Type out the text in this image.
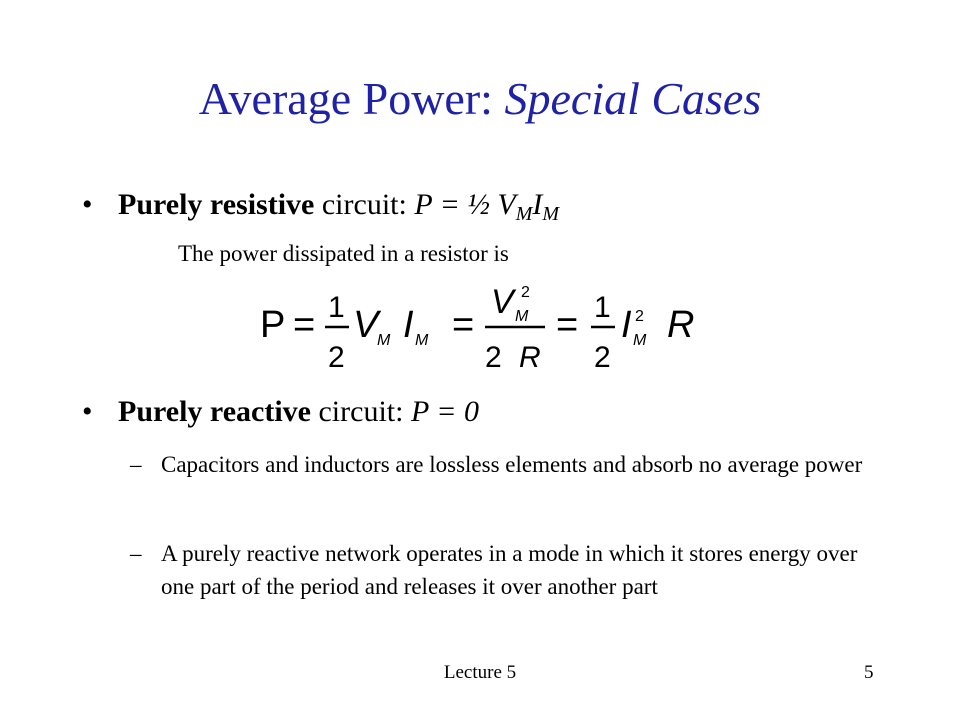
Average Power: Special Cases
• Purely resistive circuit: P = ½ $V_MI_M$
The power dissipated in a resistor is
P = 1
2
V
M I M =
V M
2
2 R
= 1
2
I M
2 R
• Purely reactive circuit: P = 0
– Capacitors and inductors are lossless elements and absorb no average power
– A purely reactive network operates in a mode in which it stores energy over one part of the period and releases it over another part
Lecture 5	5
